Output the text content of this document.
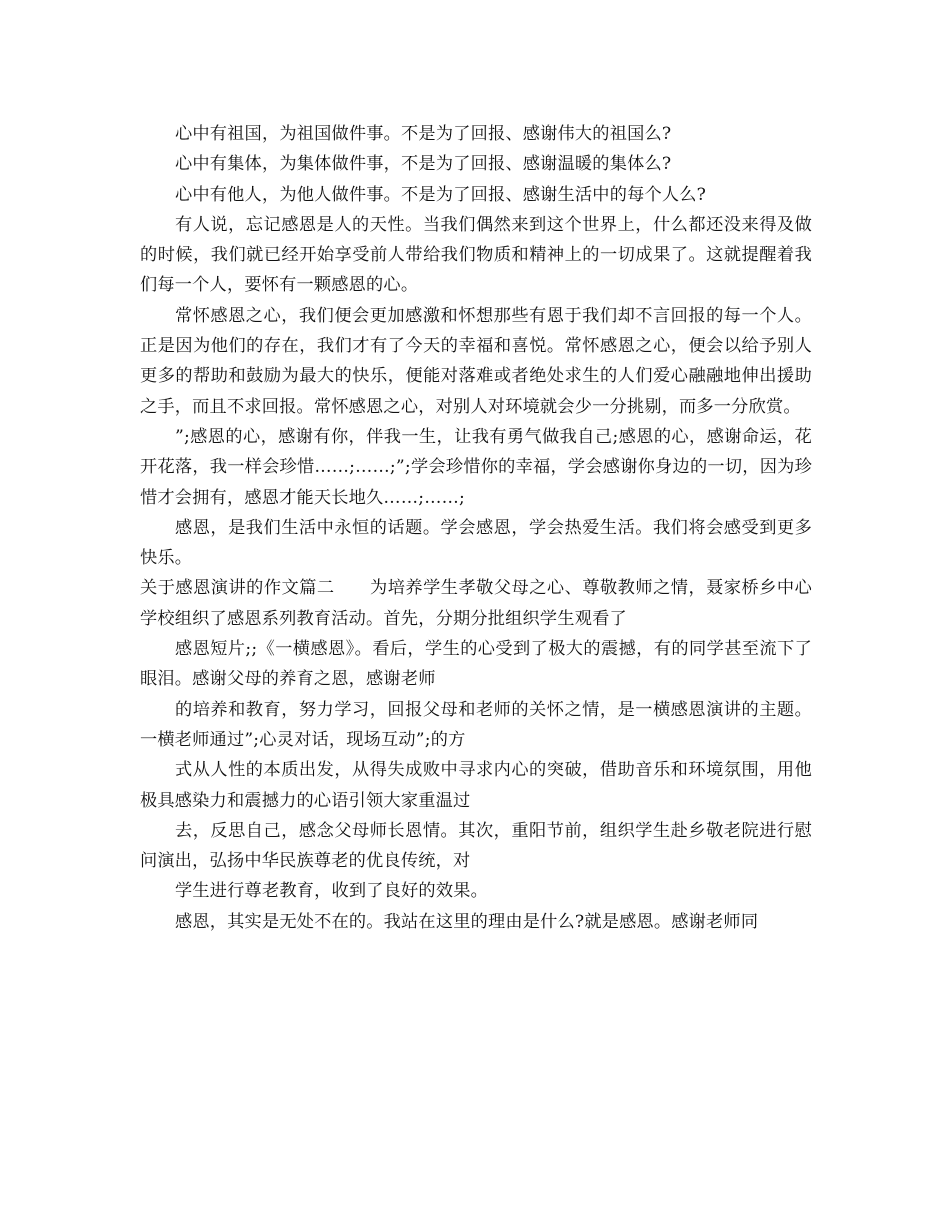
心中有祖国，为祖国做件事。不是为了回报、感谢伟大的祖国么?

心中有集体，为集体做件事，不是为了回报、感谢温暖的集体么?

心中有他人，为他人做件事。不是为了回报、感谢生活中的每个人么?

有人说，忘记感恩是人的天性。当我们偶然来到这个世界上，什么都还没来得及做的时候，我们就已经开始享受前人带给我们物质和精神上的一切成果了。这就提醒着我们每一个人，要怀有一颗感恩的心。

常怀感恩之心，我们便会更加感激和怀想那些有恩于我们却不言回报的每一个人。正是因为他们的存在，我们才有了今天的幸福和喜悦。常怀感恩之心，便会以给予别人更多的帮助和鼓励为最大的快乐，便能对落难或者绝处求生的人们爱心融融地伸出援助之手，而且不求回报。常怀感恩之心，对别人对环境就会少一分挑剔，而多一分欣赏。

”;感恩的心，感谢有你，伴我一生，让我有勇气做我自己;感恩的心，感谢命运，花开花落，我一样会珍惜……;……;”;学会珍惜你的幸福，学会感谢你身边的一切，因为珍惜才会拥有，感恩才能天长地久……;……;

感恩，是我们生活中永恒的话题。学会感恩，学会热爱生活。我们将会感受到更多快乐。

关于感恩演讲的作文篇二　　为培养学生孝敬父母之心、尊敬教师之情，聂家桥乡中心学校组织了感恩系列教育活动。首先，分期分批组织学生观看了

感恩短片;;《一横感恩》。看后，学生的心受到了极大的震撼，有的同学甚至流下了眼泪。感谢父母的养育之恩，感谢老师

的培养和教育，努力学习，回报父母和老师的关怀之情，是一横感恩演讲的主题。一横老师通过”;心灵对话，现场互动”;的方

式从人性的本质出发，从得失成败中寻求内心的突破，借助音乐和环境氛围，用他极具感染力和震撼力的心语引领大家重温过

去，反思自己，感念父母师长恩情。其次，重阳节前，组织学生赴乡敬老院进行慰问演出，弘扬中华民族尊老的优良传统，对

学生进行尊老教育，收到了良好的效果。

感恩，其实是无处不在的。我站在这里的理由是什么?就是感恩。感谢老师同
